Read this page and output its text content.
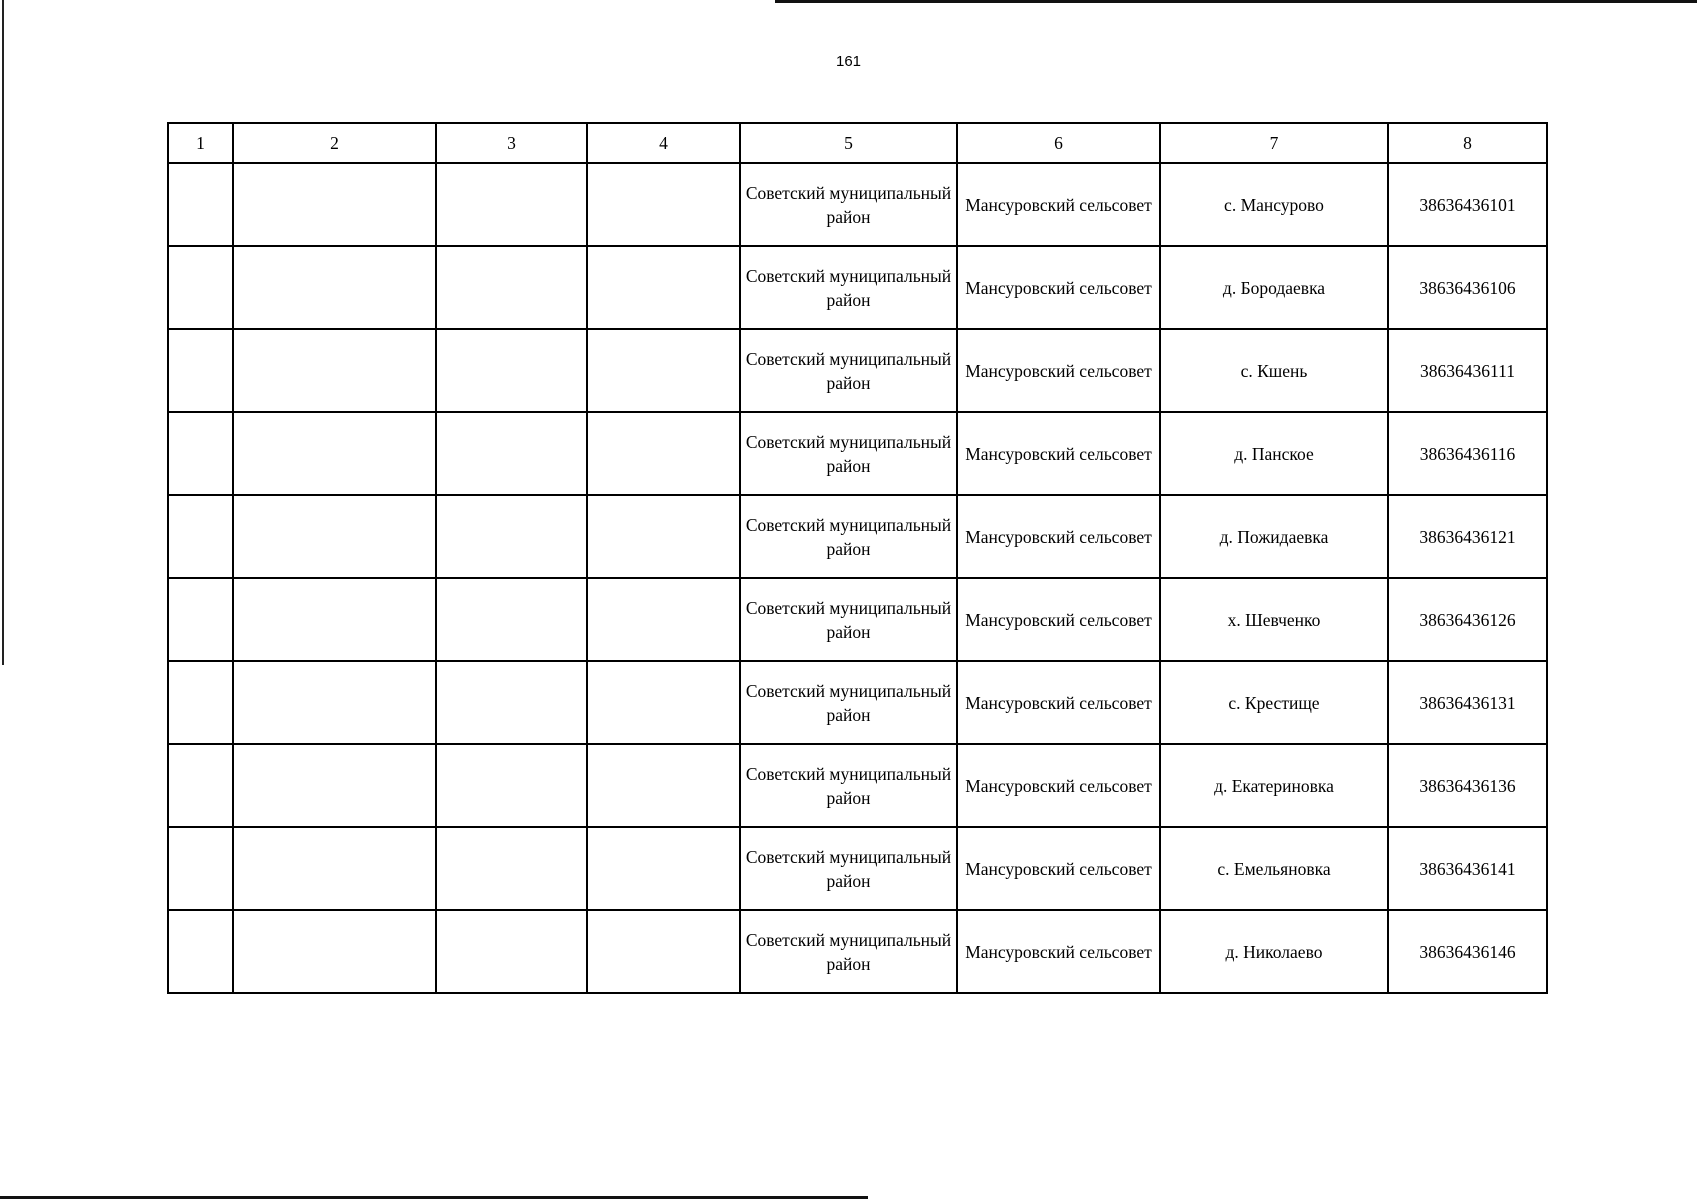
161
1	2	3	4	5	6	7	8
				Советский муниципальный район	Мансуровский сельсовет	с. Мансурово	38636436101
				Советский муниципальный район	Мансуровский сельсовет	д. Бородаевка	38636436106
				Советский муниципальный район	Мансуровский сельсовет	с. Кшень	38636436111
				Советский муниципальный район	Мансуровский сельсовет	д. Панское	38636436116
				Советский муниципальный район	Мансуровский сельсовет	д. Пожидаевка	38636436121
				Советский муниципальный район	Мансуровский сельсовет	х. Шевченко	38636436126
				Советский муниципальный район	Мансуровский сельсовет	с. Крестище	38636436131
				Советский муниципальный район	Мансуровский сельсовет	д. Екатериновка	38636436136
				Советский муниципальный район	Мансуровский сельсовет	с. Емельяновка	38636436141
				Советский муниципальный район	Мансуровский сельсовет	д. Николаево	38636436146
